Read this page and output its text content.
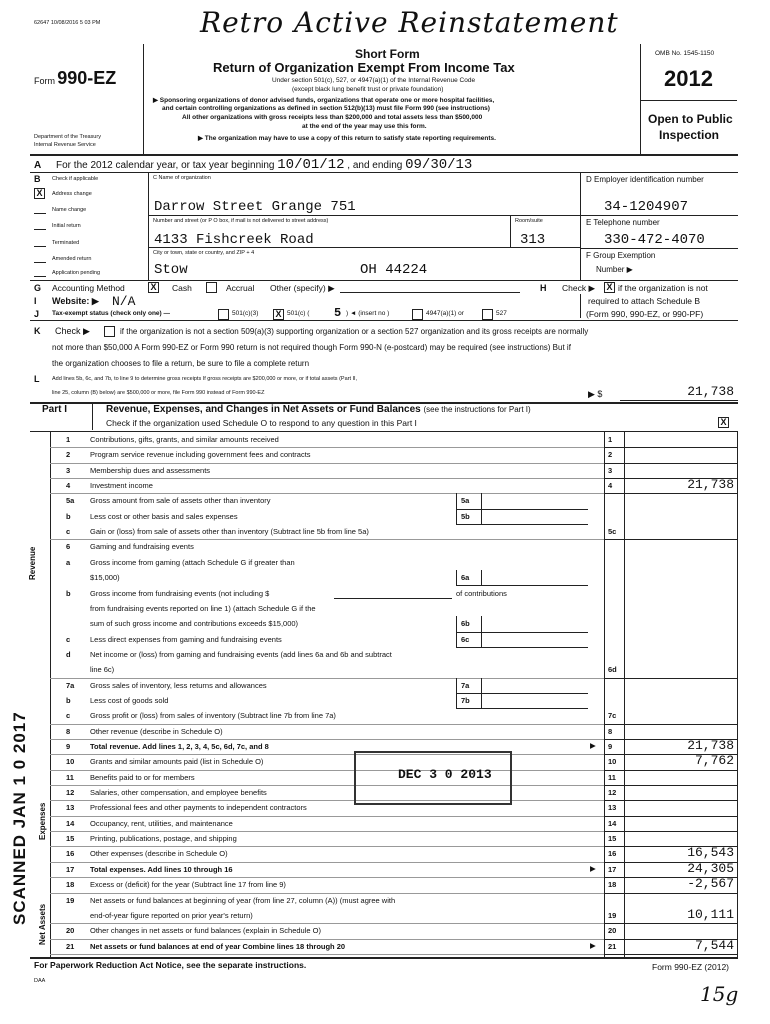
62647 10/08/2016 5 03 PM	Retro Active Reinstatement
Form 990-EZ
Department of the Treasury
Internal Revenue Service
Short Form
Return of Organization Exempt From Income Tax
Under section 501(c), 527, or 4947(a)(1) of the Internal Revenue Code
(except black lung benefit trust or private foundation)
▶ Sponsoring organizations of donor advised funds, organizations that operate one or more hospital facilities,
and certain controlling organizations as defined in section 512(b)(13) must file Form 990 (see instructions)
All other organizations with gross receipts less than $200,000 and total assets less than $500,000
at the end of the year may use this form.
▶ The organization may have to use a copy of this return to satisfy state reporting requirements.
OMB No. 1545-1150
2012
Open to Public
Inspection
A For the 2012 calendar year, or tax year beginning 10/01/12 , and ending 09/30/13
B Check if applicable
X	Address change
Name change
Initial return
Terminated
Amended return
Application pending
C Name of organization
Darrow Street Grange 751
Number and street (or P O box, if mail is not delivered to street address)	Room/suite
4133 Fishcreek Road	313
City or town, state or country, and ZIP + 4
Stow	OH 44224
D Employer identification number
34-1204907
E Telephone number
330-472-4070
F Group Exemption
Number ▶
G Accounting Method	X Cash	Accrual Other (specify) ▶	H Check ▶ X if the organization is not
required to attach Schedule B
(Form 990, 990-EZ, or 990-PF)
I Website: ▶ N/A
J Tax-exempt status (check only one) —	501(c)(3) X 501(c) ( 5 ) ◄ (insert no )	4947(a)(1) or	527
K Check ▶	if the organization is not a section 509(a)(3) supporting organization or a section 527 organization and its gross receipts are normally
not more than $50,000 A Form 990-EZ or Form 990 return is not required though Form 990-N (e-postcard) may be required (see instructions) But if
the organization chooses to file a return, be sure to file a complete return
L Add lines 5b, 6c, and 7b, to line 9 to determine gross receipts If gross receipts are $200,000 or more, or if total assets (Part II,
line 25, column (B) below) are $500,000 or more, file Form 990 instead of Form 990-EZ	▶ $	21,738
Part I	Revenue, Expenses, and Changes in Net Assets or Fund Balances (see the instructions for Part I)
Check if the organization used Schedule O to respond to any question in this Part I	X
Revenue
Expenses
Net Assets
1	Contributions, gifts, grants, and similar amounts received	1
2	Program service revenue including government fees and contracts	2
3	Membership dues and assessments	3
4	Investment income	4	21,738
5a Gross amount from sale of assets other than inventory	5a
b	Less cost or other basis and sales expenses	5b
c	Gain or (loss) from sale of assets other than inventory (Subtract line 5b from line 5a)	5c
6	Gaming and fundraising events
a	Gross income from gaming (attach Schedule G if greater than
$15,000)	6a
b	Gross income from fundraising events (not including $	of contributions
from fundraising events reported on line 1) (attach Schedule G if the
sum of such gross income and contributions exceeds $15,000)	6b
c	Less direct expenses from gaming and fundraising events	6c
d	Net income or (loss) from gaming and fundraising events (add lines 6a and 6b and subtract
line 6c)	6d
7a Gross sales of inventory, less returns and allowances	7a
b	Less cost of goods sold	7b
c	Gross profit or (loss) from sales of inventory (Subtract line 7b from line 7a)	7c
8	Other revenue (describe in Schedule O)	8
9	Total revenue. Add lines 1, 2, 3, 4, 5c, 6d, 7c, and 8	9	21,738
▶
10 Grants and similar amounts paid (list in Schedule O)	10	7,762
11 Benefits paid to or for members	11
12 Salaries, other compensation, and employee benefits	12
13 Professional fees and other payments to independent contractors	13
14 Occupancy, rent, utilities, and maintenance	14
15 Printing, publications, postage, and shipping	15
16 Other expenses (describe in Schedule O)	16	16,543
17 Total expenses. Add lines 10 through 16	17	24,305
▶
18 Excess or (deficit) for the year (Subtract line 17 from line 9)	18	-2,567
19 Net assets or fund balances at beginning of year (from line 27, column (A)) (must agree with
end-of-year figure reported on prior year's return)	19	10,111
20 Other changes in net assets or fund balances (explain in Schedule O)	20
21 Net assets or fund balances at end of year Combine lines 18 through 20	21	7,544
▶
DEC 3 0 2013
SCANNED JAN 1 0 2017
For Paperwork Reduction Act Notice, see the separate instructions.	Form 990-EZ (2012)
DAA
15g
